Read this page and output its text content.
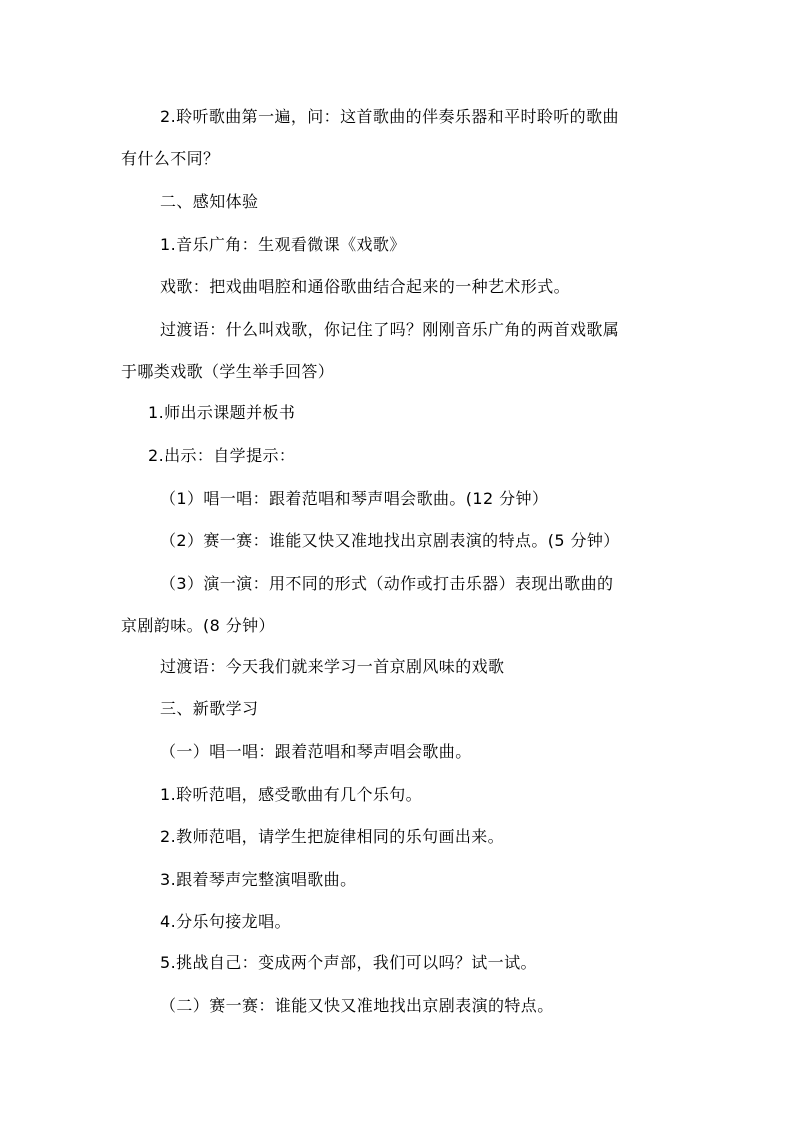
2.聆听歌曲第一遍，问：这首歌曲的伴奏乐器和平时聆听的歌曲
有什么不同？
二、感知体验
1.音乐广角：生观看微课《戏歌》
戏歌：把戏曲唱腔和通俗歌曲结合起来的一种艺术形式。
过渡语：什么叫戏歌，你记住了吗？刚刚音乐广角的两首戏歌属
于哪类戏歌（学生举手回答）
1.师出示课题并板书
2.出示：自学提示：
（1）唱一唱：跟着范唱和琴声唱会歌曲。(12 分钟）
（2）赛一赛：谁能又快又准地找出京剧表演的特点。(5 分钟）
（3）演一演：用不同的形式（动作或打击乐器）表现出歌曲的
京剧韵味。(8 分钟）
过渡语：今天我们就来学习一首京剧风味的戏歌
三、新歌学习
（一）唱一唱：跟着范唱和琴声唱会歌曲。
1.聆听范唱，感受歌曲有几个乐句。
2.教师范唱，请学生把旋律相同的乐句画出来。
3.跟着琴声完整演唱歌曲。
4.分乐句接龙唱。
5.挑战自己：变成两个声部，我们可以吗？试一试。
（二）赛一赛：谁能又快又准地找出京剧表演的特点。
